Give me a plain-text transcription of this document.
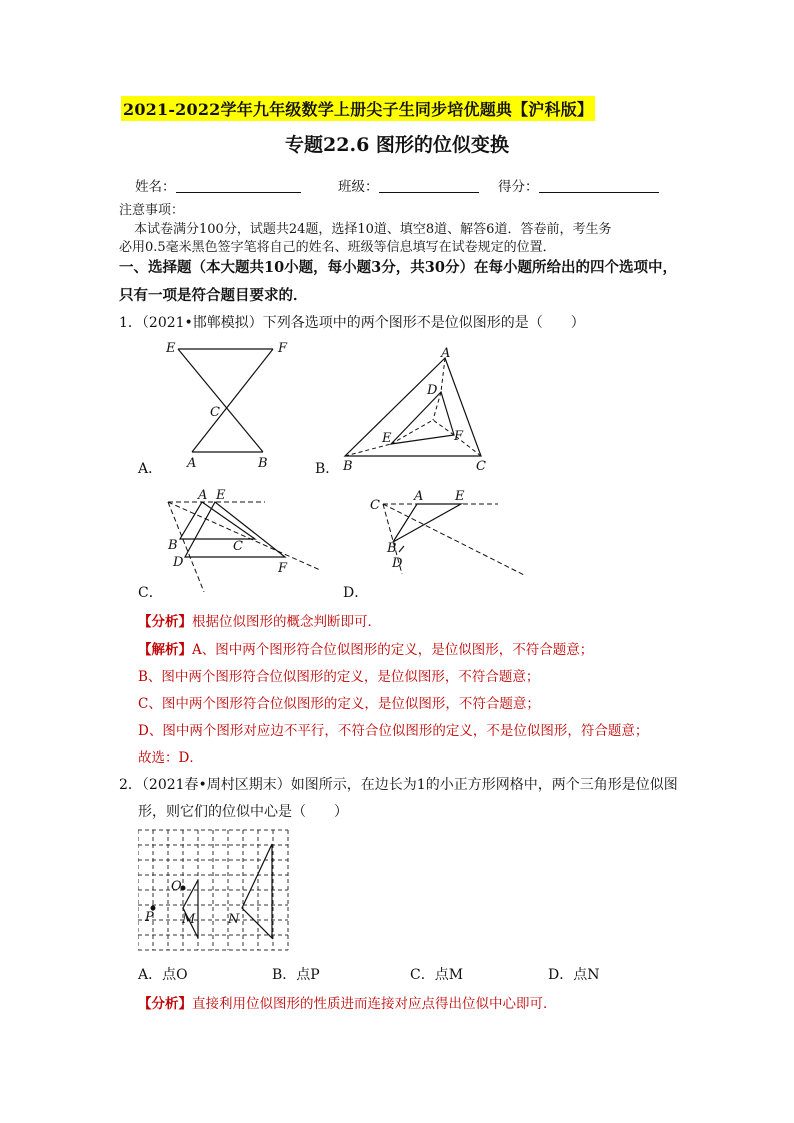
2021-2022学年九年级数学上册尖子生同步培优题典【沪科版】
专题22.6 图形的位似变换
姓名：	班级：	得分：
注意事项：
本试卷满分100分，试题共24题，选择10道、填空8道、解答6道．答卷前，考生务
必用0.5毫米黑色签字笔将自己的姓名、班级等信息填写在试卷规定的位置．
一、选择题（本大题共10小题，每小题3分，共30分）在每小题所给出的四个选项中，
只有一项是符合题目要求的．
1．（2021•邯郸模拟）下列各选项中的两个图形不是位似图形的是（　　）
E	F
C
A	B
A．
A
D
E	F
B	C
B．
A E
B	C
D	F
C．
C
A E
B
D
D．
【分析】根据位似图形的概念判断即可．
【解析】A、图中两个图形符合位似图形的定义，是位似图形，不符合题意；
B、图中两个图形符合位似图形的定义，是位似图形，不符合题意；
C、图中两个图形符合位似图形的定义，是位似图形，不符合题意；
D、图中两个图形对应边不平行，不符合位似图形的定义，不是位似图形，符合题意；
故选：D．
2．（2021春•周村区期末）如图所示，在边长为1的小正方形网格中，两个三角形是位似图
形，则它们的位似中心是（　　）
O
P M	N
A．点O	B．点P	C．点M	D．点N
【分析】直接利用位似图形的性质进而连接对应点得出位似中心即可．
